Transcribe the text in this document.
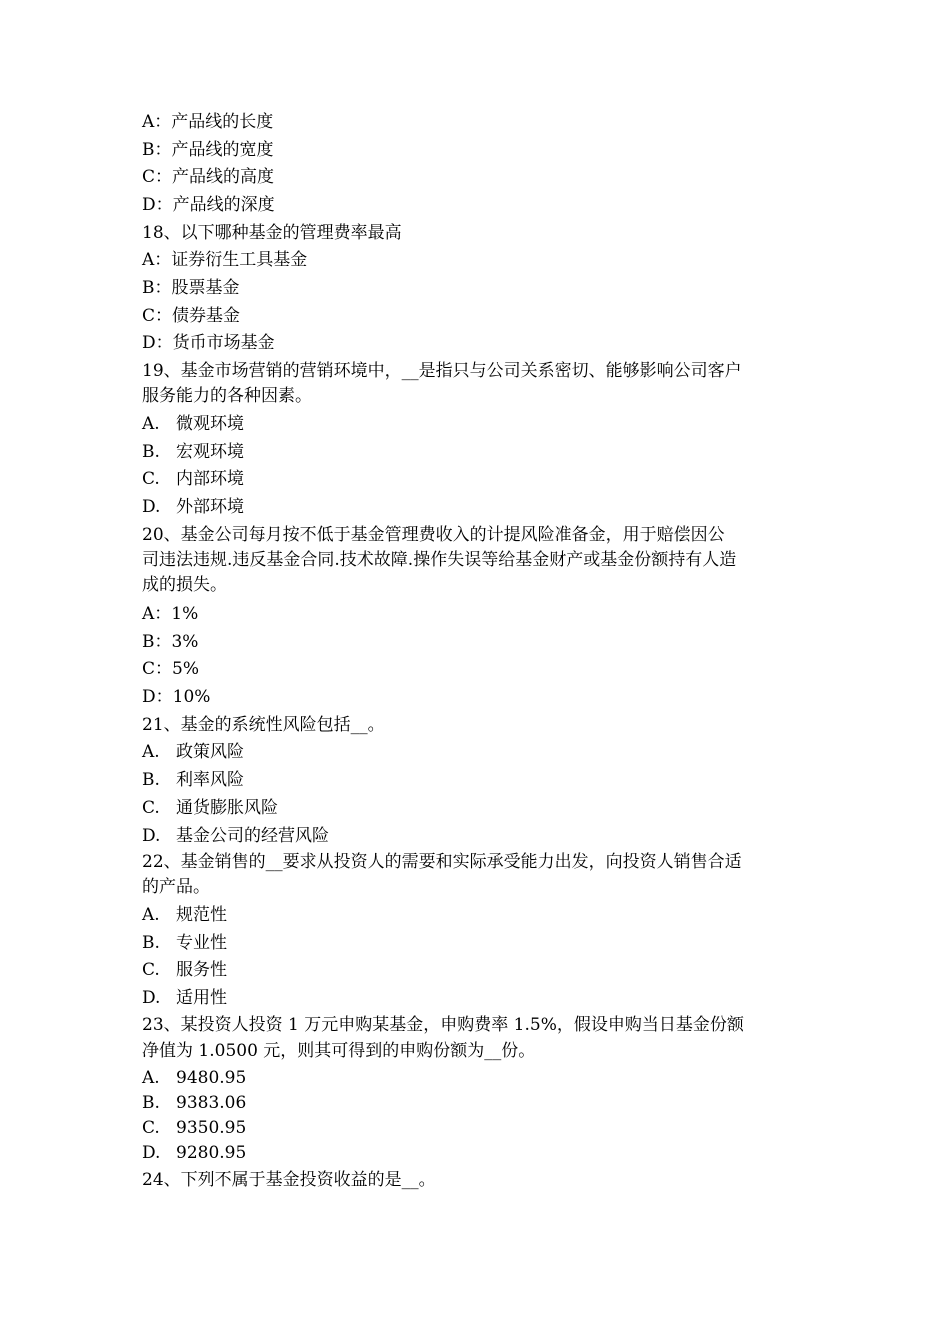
A：产品线的长度
B：产品线的宽度
C：产品线的高度
D：产品线的深度
18、以下哪种基金的管理费率最高
A：证券衍生工具基金
B：股票基金
C：债券基金
D：货币市场基金
19、基金市场营销的营销环境中，__是指只与公司关系密切、能够影响公司客户
服务能力的各种因素。
A. 微观环境
B. 宏观环境
C. 内部环境
D. 外部环境
20、基金公司每月按不低于基金管理费收入的计提风险准备金，用于赔偿因公
司违法违规.违反基金合同.技术故障.操作失误等给基金财产或基金份额持有人造
成的损失。
A：1%
B：3%
C：5%
D：10%
21、基金的系统性风险包括__。
A. 政策风险
B. 利率风险
C. 通货膨胀风险
D. 基金公司的经营风险
22、基金销售的__要求从投资人的需要和实际承受能力出发，向投资人销售合适
的产品。
A. 规范性
B. 专业性
C. 服务性
D. 适用性
23、某投资人投资 1 万元申购某基金，申购费率 1.5%，假设申购当日基金份额
净值为 1.0500 元，则其可得到的申购份额为__份。
A. 9480.95
B. 9383.06
C. 9350.95
D. 9280.95
24、下列不属于基金投资收益的是__。
